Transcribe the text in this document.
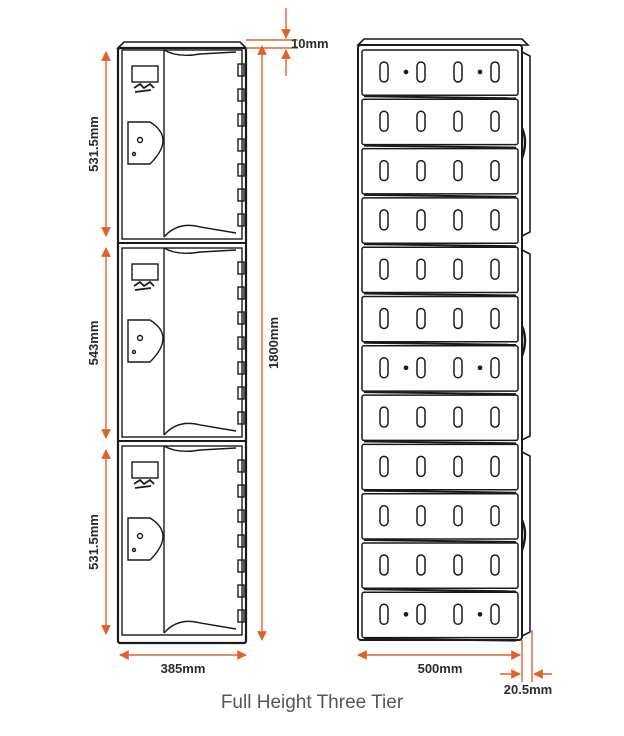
531.5mm
543mm
531.5mm
1800mm
10mm
385mm	500mm
20.5mm
Full Height Three Tier
